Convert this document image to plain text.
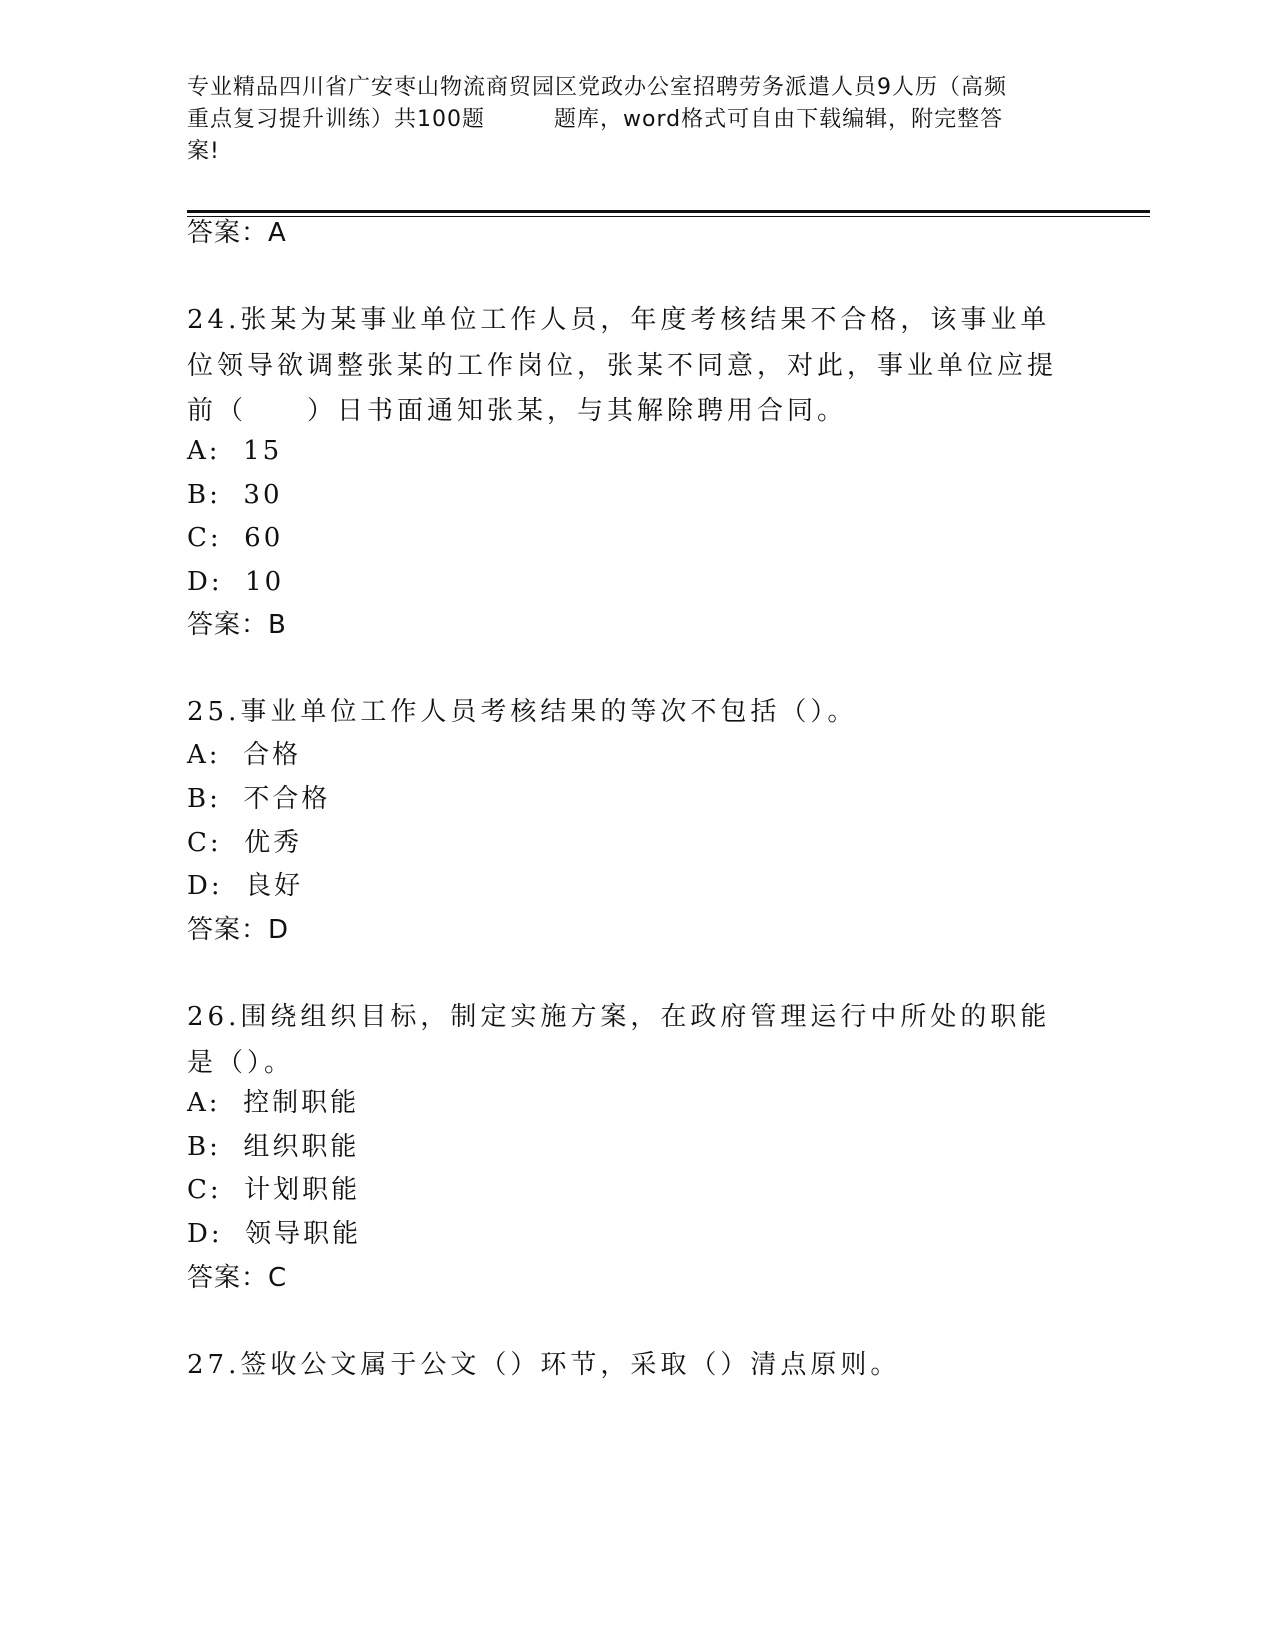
专业精品四川省广安枣山物流商贸园区党政办公室招聘劳务派遣人员9人历（高频
重点复习提升训练）共100题　　　题库，word格式可自由下载编辑，附完整答
案!
答案：A
24.张某为某事业单位工作人员，年度考核结果不合格，该事业单位领导欲调整张某的工作岗位，张某不同意，对此，事业单位应提前（　　）日书面通知张某，与其解除聘用合同。
A:  15
B:  30
C:  60
D:  10
答案：B
25.事业单位工作人员考核结果的等次不包括（）。
A:  合格
B:  不合格
C:  优秀
D:  良好
答案：D
26.围绕组织目标，制定实施方案，在政府管理运行中所处的职能是（）。
A:  控制职能
B:  组织职能
C:  计划职能
D:  领导职能
答案：C
27.签收公文属于公文（）环节，采取（）清点原则。
